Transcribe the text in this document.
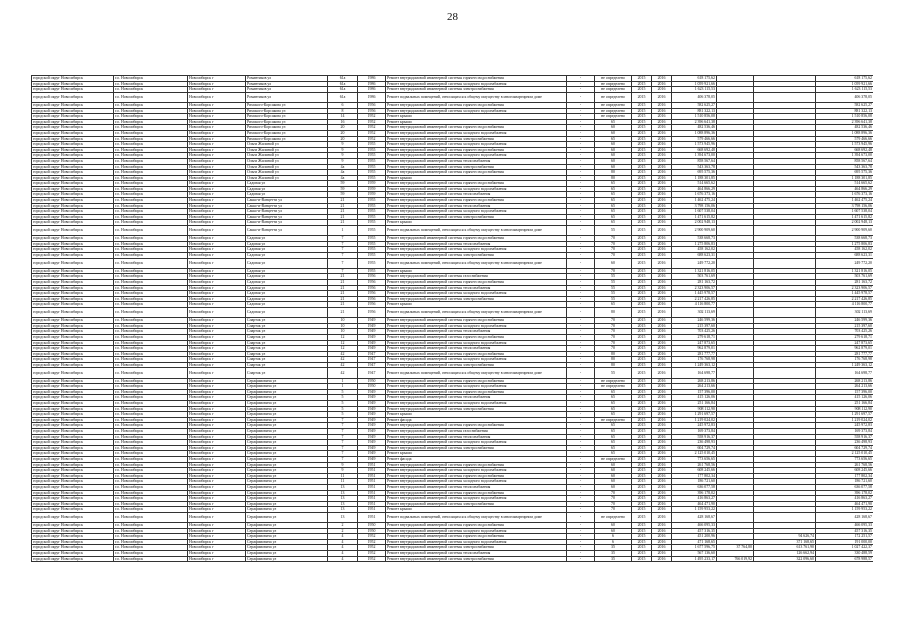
28
городской округ Новосибирск	г.о. Новосибирск	Новосибирск г	Романтиков ул	61а	1986	Ремонт внутридомовой инженерной системы горячего водоснабжения	-	не определено	2015	2016	618 175,62			618 175,62
городской округ Новосибирск	г.о. Новосибирск	Новосибирск г	Романтиков ул	61а	1986	Ремонт внутридомовой инженерной системы холодного водоснабжения	-	не определено	2015	2016	1 059 921,66			1 059 921,66
городской округ Новосибирск	г.о. Новосибирск	Новосибирск г	Романтиков ул	61а	1986	Ремонт внутридомовой инженерной системы электроснабжения	-	не определено	2015	2016	1 623 115,53			1 623 115,53
городской округ Новосибирск	г.о. Новосибирск	Новосибирск г	Романтиков ул	61а	1986	Ремонт подвальных помещений, относящихся к общему имуществу в многоквартирном доме	-	не определено	2015	2016	406 378,05			406 378,05
городской округ Новосибирск	г.о. Новосибирск	Новосибирск г	Римского-Корсакова ул	6	1956	Ремонт внутридомовой инженерной системы горячего водоснабжения	-	не определено	2015	2016	582 625,27			582 625,27
городской округ Новосибирск	г.о. Новосибирск	Новосибирск г	Римского-Корсакова ул	8	1956	Ремонт внутридомовой инженерной системы холодного водоснабжения	-	не определено	2015	2016	881 322,13			881 322,13
городской округ Новосибирск	г.о. Новосибирск	Новосибирск г	Римского-Корсакова ул	14	1952	Ремонт крыши	-	не определено	2015	2016	1 510 856,08			1 510 856,08
городской округ Новосибирск	г.о. Новосибирск	Новосибирск г	Римского-Корсакова ул	16	1952	Ремонт крыши	-	65	2015	2016	2 396 641,38			2 396 641,38
городской округ Новосибирск	г.о. Новосибирск	Новосибирск г	Римского-Корсакова ул	20	1952	Ремонт внутридомовой инженерной системы горячего водоснабжения	-	60	2015	2016	482 536,46			482 536,46
городской округ Новосибирск	г.о. Новосибирск	Новосибирск г	Римского-Корсакова ул	20	1952	Ремонт внутридомовой инженерной системы холодного водоснабжения	-	60	2015	2016	1 088 896,36			1 088 896,36
городской округ Новосибирск	г.о. Новосибирск	Новосибирск г	Римского-Корсакова ул	20	1952	Ремонт внутридомовой инженерной системы электроснабжения	-	65	2015	2016	579 466,66			579 466,66
городской округ Новосибирск	г.о. Новосибирск	Новосибирск г	Ольги Жилиной ул	9	1955	Ремонт внутридомовой инженерной системы холодного водоснабжения	-	60	2015	2016	1 573 945,96			1 573 945,96
городской округ Новосибирск	г.о. Новосибирск	Новосибирск г	Ольги Жилиной ул	9	1955	Ремонт внутридомовой инженерной системы горячего водоснабжения	-	60	2015	2016	668 692,48			668 692,48
городской округ Новосибирск	г.о. Новосибирск	Новосибирск г	Ольги Жилиной ул	9	1955	Ремонт внутридомовой инженерной системы холодного водоснабжения	-	60	2015	2016	1 394 673,00			1 394 673,00
городской округ Новосибирск	г.о. Новосибирск	Новосибирск г	Ольги Жилиной ул	9	1955	Ремонт внутридомовой инженерной системы теплоснабжения	-	60	2015	2016	858 567,64			858 567,64
городской округ Новосибирск	г.о. Новосибирск	Новосибирск г	Ольги Жилиной ул	4а	1955	Ремонт внутридомовой инженерной системы электроснабжения	-	60	2015	2016	543 363,78			543 363,78
городской округ Новосибирск	г.о. Новосибирск	Новосибирск г	Ольги Жилиной ул	4а	1955	Ремонт внутридомовой инженерной системы горячего водоснабжения	-	80	2015	2016	695 575,36			695 575,36
городской округ Новосибирск	г.о. Новосибирск	Новосибирск г	Ольги Жилиной ул	4а	1955	Ремонт крыши	-	80	2015	2016	1 188 301,85			1 188 301,85
городской округ Новосибирск	г.о. Новосибирск	Новосибирск г	Садовая ул	59	1959	Ремонт внутридомовой инженерной системы горячего водоснабжения	-	65	2015	2016	514 665,62			514 665,62
городской округ Новосибирск	г.о. Новосибирск	Новосибирск г	Садовая ул	59	1959	Ремонт внутридомовой инженерной системы холодного водоснабжения	-	65	2015	2016	464 866,29			464 866,29
городской округ Новосибирск	г.о. Новосибирск	Новосибирск г	Садовая ул	59	1959	Ремонт внутридомовой инженерной системы теплоснабжения	-	65	2015	2016	1 676 373,16			1 676 373,16
городской округ Новосибирск	г.о. Новосибирск	Новосибирск г	Сакко-и-Ванцетти ул	21	1955	Ремонт внутридомовой инженерной системы горячего водоснабжения	-	65	2015	2016	1 462 475,24			1 462 475,24
городской округ Новосибирск	г.о. Новосибирск	Новосибирск г	Сакко-и-Ванцетти ул	21	1955	Ремонт внутридомовой инженерной системы теплоснабжения	-	65	2015	2016	3 798 156,06			3 798 156,06
городской округ Новосибирск	г.о. Новосибирск	Новосибирск г	Сакко-и-Ванцетти ул	21	1955	Ремонт внутридомовой инженерной системы холодного водоснабжения	-	65	2015	2016	1 607 538,04			1 607 538,04
городской округ Новосибирск	г.о. Новосибирск	Новосибирск г	Сакко-и-Ванцетти ул	21	1955	Ремонт внутридомовой инженерной системы электроснабжения	-	65	2015	2016	1 471 615,82			1 471 615,82
городской округ Новосибирск	г.о. Новосибирск	Новосибирск г	Сакко-и-Ванцетти ул	21	1955	Ремонт крыши	-	65	2015	2016	2 002 948,13			2 002 948,13
городской округ Новосибирск	г.о. Новосибирск	Новосибирск г	Сакко-и-Ванцетти ул	1	1955	Ремонт подвальных помещений, относящихся к общему имуществу в многоквартирном доме	-	55	2015	2016	2 900 909,60			2 900 909,60
городской округ Новосибирск	г.о. Новосибирск	Новосибирск г	Садовая ул	7	1955	Ремонт внутридомовой инженерной системы горячего водоснабжения	-	70	2015	2016	538 668,73			538 668,73
городской округ Новосибирск	г.о. Новосибирск	Новосибирск г	Садовая ул	7	1955	Ремонт внутридомовой инженерной системы теплоснабжения	-	70	2015	2016	1 275 806,83			1 275 806,83
городской округ Новосибирск	г.о. Новосибирск	Новосибирск г	Садовая ул	7	1955	Ремонт внутридомовой инженерной системы холодного водоснабжения	-	70	2015	2016	458 162,02			458 162,02
городской округ Новосибирск	г.о. Новосибирск	Новосибирск г	Садовая ул	7	1955	Ремонт внутридомовой инженерной системы электроснабжения	-	70	2015	2016	688 623,31			688 623,31
городской округ Новосибирск	г.о. Новосибирск	Новосибирск г	Садовая ул	7	1955	Ремонт подвальных помещений, относящихся к общему имуществу в многоквартирном доме	-	60	2015	2016	249 772,20			249 772,20
городской округ Новосибирск	г.о. Новосибирск	Новосибирск г	Садовая ул	7	1955	Ремонт крыши	-	70	2015	2016	1 321 816,05			1 321 816,05
городской округ Новосибирск	г.о. Новосибирск	Новосибирск г	Садовая ул	21	1956	Ремонт внутридомовой инженерной системы газоснабжения	-	55	2015	2016	503 761,69			503 761,69
городской округ Новосибирск	г.о. Новосибирск	Новосибирск г	Садовая ул	21	1956	Ремонт внутридомовой инженерной системы горячего водоснабжения	-	55	2015	2016	281 163,72			281 163,72
городской округ Новосибирск	г.о. Новосибирск	Новосибирск г	Садовая ул	21	1956	Ремонт внутридомовой инженерной системы теплоснабжения	-	55	2015	2016	2 323 906,57			2 323 906,57
городской округ Новосибирск	г.о. Новосибирск	Новосибирск г	Садовая ул	21	1956	Ремонт внутридомовой инженерной системы холодного водоснабжения	-	55	2015	2016	1 445 978,57			1 445 978,57
городской округ Новосибирск	г.о. Новосибирск	Новосибирск г	Садовая ул	21	1956	Ремонт внутридомовой инженерной системы электроснабжения	-	55	2015	2016	2 217 426,85			2 217 426,85
городской округ Новосибирск	г.о. Новосибирск	Новосибирск г	Садовая ул	21	1956	Ремонт крыши	-	65	2015	2016	4 116 800,77			4 116 800,77
городской округ Новосибирск	г.о. Новосибирск	Новосибирск г	Садовая ул	21	1956	Ремонт подвальных помещений, относящихся к общему имуществу в многоквартирном доме	-	80	2015	2016	302 113,69			302 113,69
городской округ Новосибирск	г.о. Новосибирск	Новосибирск г	Спартак ул	10	1949	Ремонт внутридомовой инженерной системы горячего водоснабжения	-	70	2015	2016	246 599,36			246 599,36
городской округ Новосибирск	г.о. Новосибирск	Новосибирск г	Спартак ул	10	1949	Ремонт внутридомовой инженерной системы холодного водоснабжения	-	70	2015	2016	215 397,60			215 397,60
городской округ Новосибирск	г.о. Новосибирск	Новосибирск г	Спартак ул	10	1949	Ремонт внутридомовой инженерной системы теплоснабжения	-	70	2015	2016	703 425,26			703 425,26
городской округ Новосибирск	г.о. Новосибирск	Новосибирск г	Спартак ул	12	1949	Ремонт внутридомовой инженерной системы горячего водоснабжения	-	70	2015	2016	279 618,71			279 618,71
городской округ Новосибирск	г.о. Новосибирск	Новосибирск г	Спартак ул	12	1949	Ремонт внутридомовой инженерной системы холодного водоснабжения	-	70	2015	2016	247 873,65			247 873,65
городской округ Новосибирск	г.о. Новосибирск	Новосибирск г	Спартак ул	12	1949	Ремонт внутридомовой инженерной системы теплоснабжения	-	70	2015	2016	962 879,01			962 879,01
городской округ Новосибирск	г.о. Новосибирск	Новосибирск г	Спартак ул	42	1947	Ремонт внутридомовой инженерной системы горячего водоснабжения	-	80	2015	2016	281 777,77			281 777,77
городской округ Новосибирск	г.о. Новосибирск	Новосибирск г	Спартак ул	42	1947	Ремонт внутридомовой инженерной системы холодного водоснабжения	-	80	2015	2016	176 768,98			176 768,98
городской округ Новосибирск	г.о. Новосибирск	Новосибирск г	Спартак ул	42	1947	Ремонт внутридомовой инженерной системы электроснабжения	-	80	2015	2016	1 249 363,12			1 249 363,12
городской округ Новосибирск	г.о. Новосибирск	Новосибирск г	Спартак ул	42	1947	Ремонт подвальных помещений, относящихся к общему имуществу в многоквартирном доме	-	55	2015	2016	164 698,77			164 698,77
городской округ Новосибирск	г.о. Новосибирск	Новосибирск г	Серафимовича ул	1	1950	Ремонт внутридомовой инженерной системы горячего водоснабжения	-	не определено	2015	2016	268 213,86			268 213,86
городской округ Новосибирск	г.о. Новосибирск	Новосибирск г	Серафимовича ул	1	1950	Ремонт внутридомовой инженерной системы холодного водоснабжения	-	не определено	2015	2016	264 213,66			264 213,66
городской округ Новосибирск	г.о. Новосибирск	Новосибирск г	Серафимовича ул	5	1949	Ремонт внутридомовой инженерной системы горячего водоснабжения	-	65	2015	2016	157 396,00			157 396,00
городской округ Новосибирск	г.о. Новосибирск	Новосибирск г	Серафимовича ул	5	1949	Ремонт внутридомовой инженерной системы теплоснабжения	-	65	2015	2016	415 126,06			415 126,06
городской округ Новосибирск	г.о. Новосибирск	Новосибирск г	Серафимовича ул	5	1949	Ремонт внутридомовой инженерной системы холодного водоснабжения	-	65	2015	2016	251 166,84			251 166,84
городской округ Новосибирск	г.о. Новосибирск	Новосибирск г	Серафимовича ул	5	1949	Ремонт внутридомовой инженерной системы электроснабжения	-	65	2015	2016	908 112,90			908 112,90
городской округ Новосибирск	г.о. Новосибирск	Новосибирск г	Серафимовича ул	5	1949	Ремонт крыши	-	65	2015	2016	1 291 697,57			1 291 697,57
городской округ Новосибирск	г.о. Новосибирск	Новосибирск г	Серафимовича ул	7	1949	Ремонт фасада	-	не определено	2015	2016	1 219 024,02			1 219 024,02
городской округ Новосибирск	г.о. Новосибирск	Новосибирск г	Серафимовича ул	7	1949	Ремонт внутридомовой инженерной системы горячего водоснабжения	-	65	2015	2016	245 972,83			245 972,83
городской округ Новосибирск	г.о. Новосибирск	Новосибирск г	Серафимовича ул	7	1949	Ремонт внутридомовой инженерной системы газоснабжения	-	65	2015	2016	169 373,84			169 373,84
городской округ Новосибирск	г.о. Новосибирск	Новосибирск г	Серафимовича ул	7	1949	Ремонт внутридомовой инженерной системы теплоснабжения	-	65	2015	2016	558 916,37			558 916,37
городской округ Новосибирск	г.о. Новосибирск	Новосибирск г	Серафимовича ул	7	1949	Ремонт внутридомовой инженерной системы холодного водоснабжения	-	65	2015	2016	236 498,93			236 498,93
городской округ Новосибирск	г.о. Новосибирск	Новосибирск г	Серафимовича ул	7	1949	Ремонт внутридомовой инженерной системы электроснабжения	-	65	2015	2016	604 729,74			604 729,74
городской округ Новосибирск	г.о. Новосибирск	Новосибирск г	Серафимовича ул	7	1949	Ремонт крыши	-	65	2015	2016	2 125 010,45			2 125 010,45
городской округ Новосибирск	г.о. Новосибирск	Новосибирск г	Серафимовича ул	7	1949	Ремонт фасада	-	не определено	2015	2016	773 656,65			773 656,65
городской округ Новосибирск	г.о. Новосибирск	Новосибирск г	Серафимовича ул	9	1951	Ремонт внутридомовой инженерной системы горячего водоснабжения	-	60	2015	2016	261 768,56			261 768,56
городской округ Новосибирск	г.о. Новосибирск	Новосибирск г	Серафимовича ул	9	1951	Ремонт внутридомовой инженерной системы холодного водоснабжения	-	60	2015	2016	608 245,66			608 245,66
городской округ Новосибирск	г.о. Новосибирск	Новосибирск г	Серафимовича ул	11	1951	Ремонт внутридомовой инженерной системы горячего водоснабжения	-	60	2015	2016	177 802,34			177 802,34
городской округ Новосибирск	г.о. Новосибирск	Новосибирск г	Серафимовича ул	11	1951	Ремонт внутридомовой инженерной системы холодного водоснабжения	-	60	2015	2016	186 721,60			186 721,60
городской округ Новосибирск	г.о. Новосибирск	Новосибирск г	Серафимовича ул	13	1951	Ремонт внутридомовой инженерной системы теплоснабжения	-	60	2015	2016	636 077,58			636 077,58
городской округ Новосибирск	г.о. Новосибирск	Новосибирск г	Серафимовича ул	13	1951	Ремонт внутридомовой инженерной системы горячего водоснабжения	-	70	2015	2016	396 178,02			396 178,02
городской округ Новосибирск	г.о. Новосибирск	Новосибирск г	Серафимовича ул	13	1951	Ремонт внутридомовой инженерной системы холодного водоснабжения	-	70	2015	2016	416 863,27			416 863,27
городской округ Новосибирск	г.о. Новосибирск	Новосибирск г	Серафимовича ул	13	1951	Ремонт внутридомовой инженерной системы электроснабжения	-	70	2015	2016	464 471,90			464 471,90
городской округ Новосибирск	г.о. Новосибирск	Новосибирск г	Серафимовича ул	13	1951	Ремонт крыши	-	70	2015	2016	1 159 953,22			1 159 953,22
городской округ Новосибирск	г.о. Новосибирск	Новосибирск г	Серафимовича ул	13	1951	Ремонт подвальных помещений, относящихся к общему имуществу в многоквартирном доме	-	не определено	2015	2016	428 168,67			428 168,67
городской округ Новосибирск	г.о. Новосибирск	Новосибирск г	Серафимовича ул	2	1950	Ремонт внутридомовой инженерной системы горячего водоснабжения	-	60	2015	2016	466 095,33			466 095,33
городской округ Новосибирск	г.о. Новосибирск	Новосибирск г	Серафимовича ул	2	1950	Ремонт внутридомовой инженерной системы холодного водоснабжения	-	60	2015	2016	457 316,35			457 316,35
городской округ Новосибирск	г.о. Новосибирск	Новосибирск г	Серафимовича ул	4	1952	Ремонт внутридомовой инженерной системы горячего водоснабжения	-	6	2015	2016	451 200,96		94 626,74	172 251,57
городской округ Новосибирск	г.о. Новосибирск	Новосибирск г	Серафимовича ул	4	1952	Ремонт внутридомовой инженерной системы холодного водоснабжения	-	6	2015	2016	471 168,65		371 168,65	191 000,00
городской округ Новосибирск	г.о. Новосибирск	Новосибирск г	Серафимовича ул	4	1952	Ремонт внутридомовой инженерной системы электроснабжения	-	35	2015	2016	1 677 596,75	37 764,80	613 761,90	1 027 422,37
городской округ Новосибирск	г.о. Новосибирск	Новосибирск г	Серафимовича ул	4	1952	Ремонт внутридомовой инженерной системы теплоснабжения	-	35	2015	2016	567 136,60		126 662,94	330 488,59
городской округ Новосибирск	г.о. Новосибирск	Новосибирск г	Серафимовича ул	4	1952	Ремонт внутридомовой инженерной системы электроснабжения	-	35	2015	2016	1 495 233,17	766 019,92	322 096,60	678 988,57
